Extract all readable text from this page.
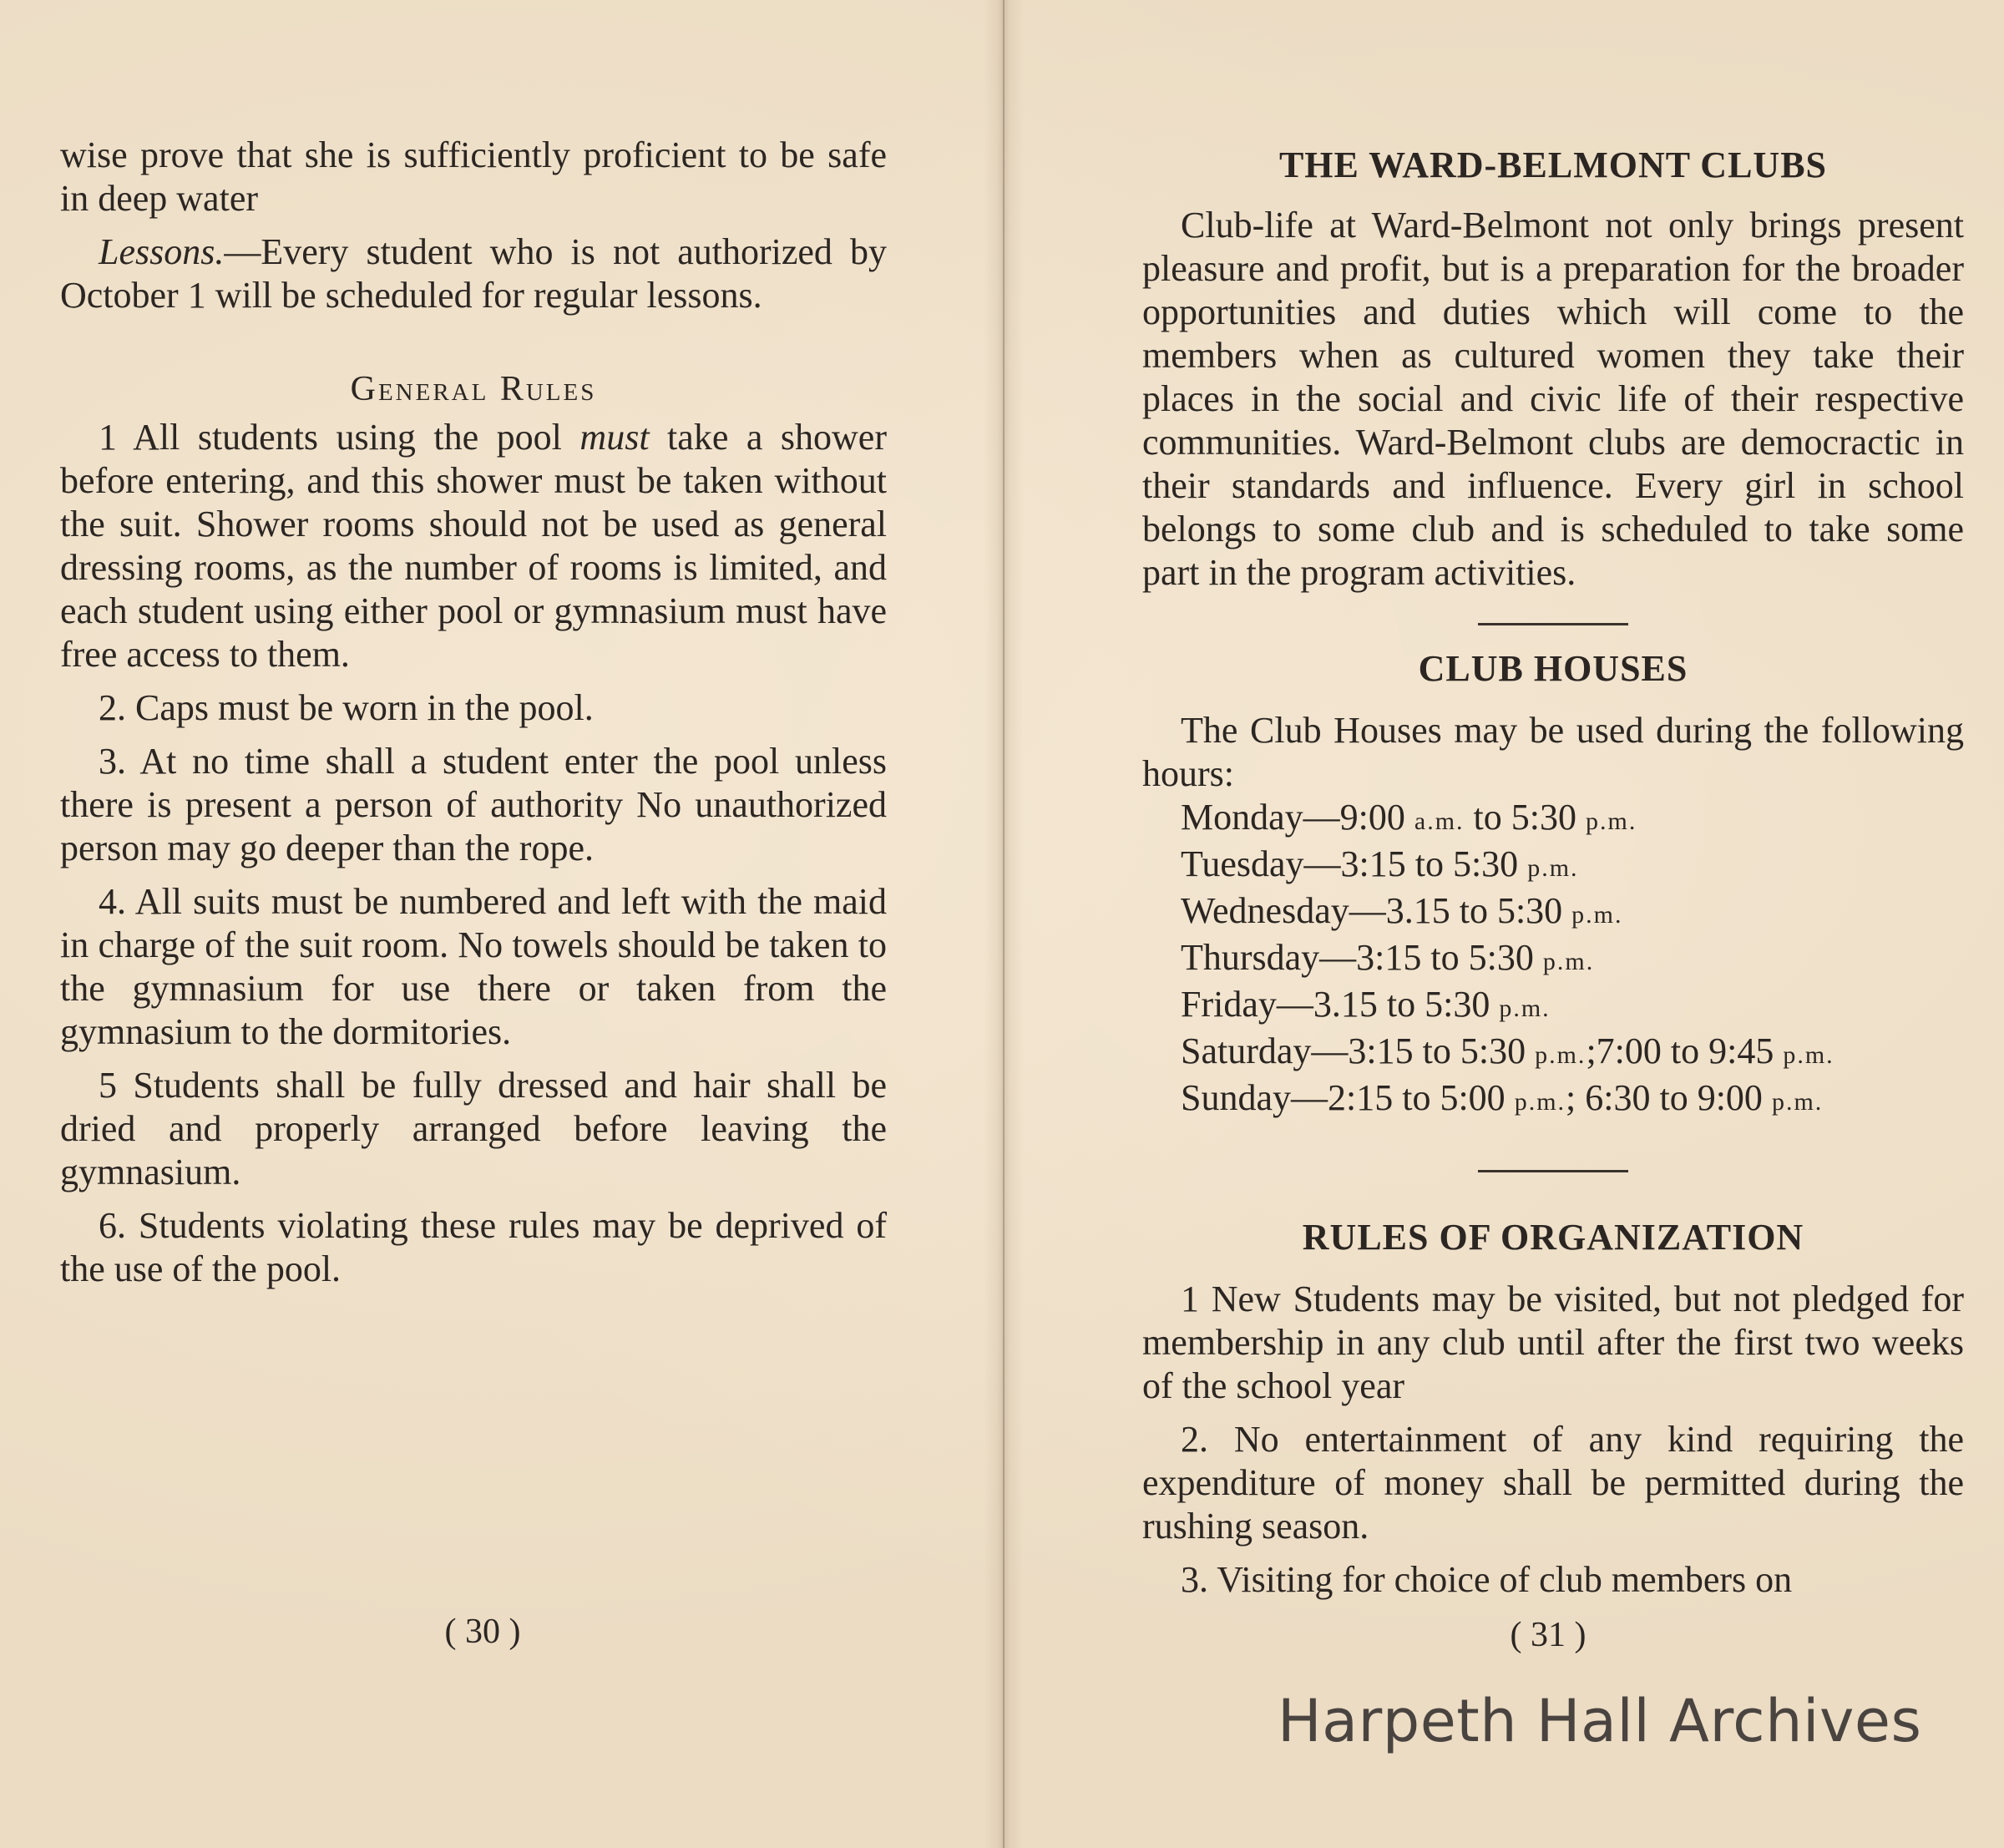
wise prove that she is sufficiently proficient to be safe in deep water

Lessons.—Every student who is not authorized by October 1 will be scheduled for regular lessons.

General Rules

1 All students using the pool must take a shower before entering, and this shower must be taken without the suit. Shower rooms should not be used as general dressing rooms, as the number of rooms is limited, and each student using either pool or gymnasium must have free access to them.

2. Caps must be worn in the pool.

3. At no time shall a student enter the pool unless there is present a person of authority No unauthorized person may go deeper than the rope.

4. All suits must be numbered and left with the maid in charge of the suit room. No towels should be taken to the gymnasium for use there or taken from the gymnasium to the dormitories.

5 Students shall be fully dressed and hair shall be dried and properly arranged before leaving the gymnasium.

6. Students violating these rules may be deprived of the use of the pool.

( 30 )
THE WARD-BELMONT CLUBS

Club-life at Ward-Belmont not only brings present pleasure and profit, but is a preparation for the broader opportunities and duties which will come to the members when as cultured women they take their places in the social and civic life of their respective communities. Ward-Belmont clubs are democractic in their standards and influence. Every girl in school belongs to some club and is scheduled to take some part in the program activities.

CLUB HOUSES

The Club Houses may be used during the following hours:

Monday—9:00 a.m. to 5:30 p.m.
Tuesday—3:15 to 5:30 p.m.
Wednesday—3.15 to 5:30 p.m.
Thursday—3:15 to 5:30 p.m.
Friday—3.15 to 5:30 p.m.
Saturday—3:15 to 5:30 p.m.;7:00 to 9:45 p.m.
Sunday—2:15 to 5:00 p.m.; 6:30 to 9:00 p.m.
RULES OF ORGANIZATION

1 New Students may be visited, but not pledged for membership in any club until after the first two weeks of the school year

2. No entertainment of any kind requiring the expenditure of money shall be permitted during the rushing season.

3. Visiting for choice of club members on

( 31 )
Harpeth Hall Archives
